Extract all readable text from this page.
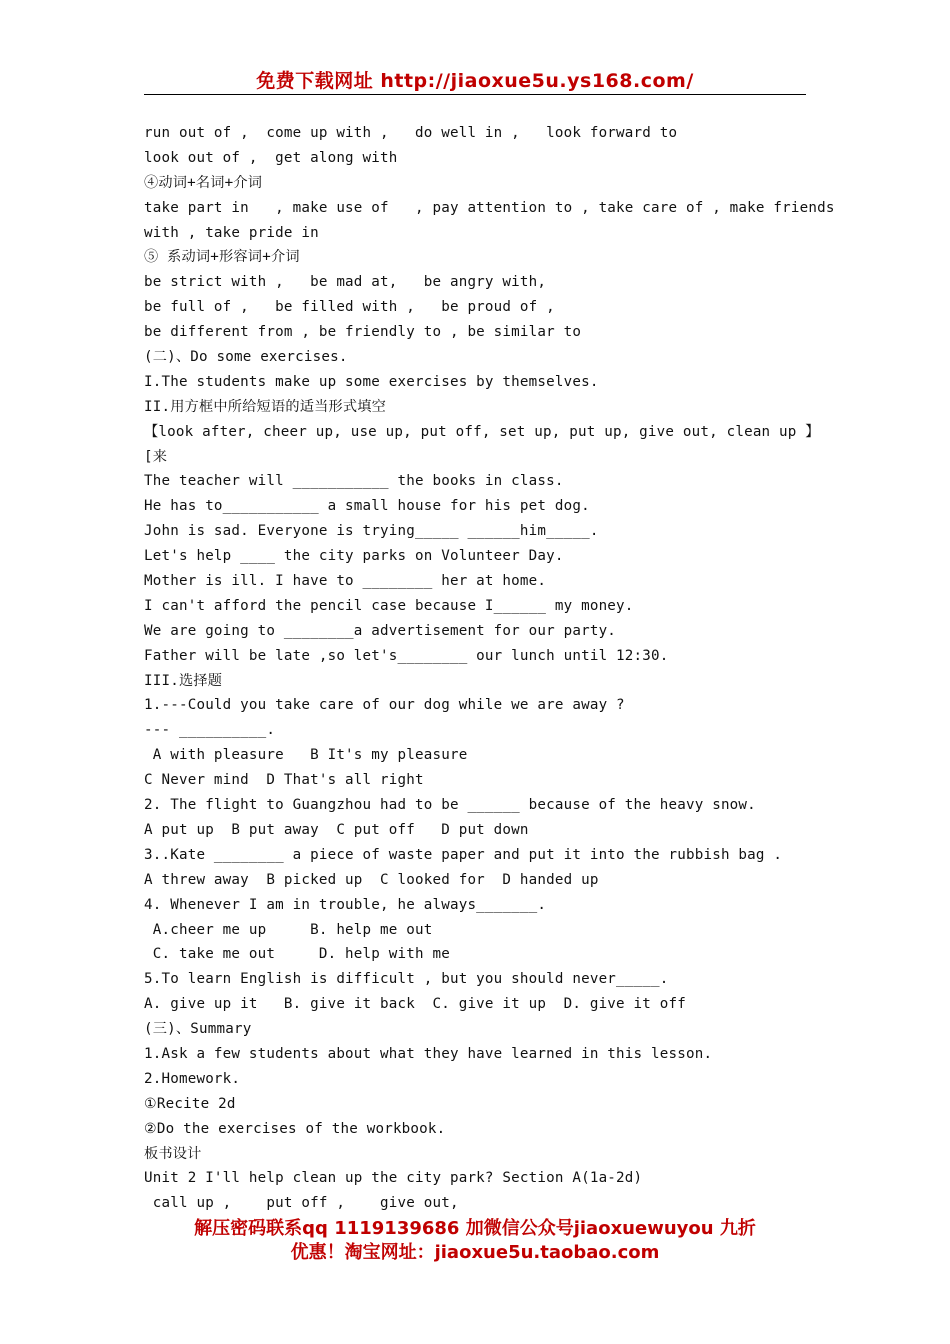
免费下载网址 http://jiaoxue5u.ys168.com/
run out of ,  come up with ,   do well in ,   look forward to
look out of ,  get along with
④动词+名词+介词
take part in   , make use of   , pay attention to , take care of , make friends
with , take pride in
⑤ 系动词+形容词+介词
be strict with ,   be mad at,   be angry with,
be full of ,   be filled with ,   be proud of ,
be different from , be friendly to , be similar to
(二)、Do some exercises.
I.The students make up some exercises by themselves.
II.用方框中所给短语的适当形式填空
【look after, cheer up, use up, put off, set up, put up, give out, clean up 】
[来
The teacher will ___________ the books in class.
He has to___________ a small house for his pet dog.
John is sad. Everyone is trying_____ ______him_____.
Let's help ____ the city parks on Volunteer Day.
Mother is ill. I have to ________ her at home.
I can't afford the pencil case because I______ my money.
We are going to ________a advertisement for our party.
Father will be late ,so let's________ our lunch until 12:30.
III.选择题
1.---Could you take care of our dog while we are away ?
--- __________.
A with pleasure   B It's my pleasure
C Never mind  D That's all right
2. The flight to Guangzhou had to be ______ because of the heavy snow.
A put up  B put away  C put off   D put down
3..Kate ________ a piece of waste paper and put it into the rubbish bag .
A threw away  B picked up  C looked for  D handed up
4. Whenever I am in trouble, he always_______.
A.cheer me up     B. help me out
C. take me out     D. help with me
5.To learn English is difficult , but you should never_____.
A. give up it   B. give it back  C. give it up  D. give it off
(三)、Summary
1.Ask a few students about what they have learned in this lesson.
2.Homework.
①Recite 2d
②Do the exercises of the workbook.
板书设计
Unit 2 I'll help clean up the city park? Section A(1a-2d)
call up ,    put off ,    give out,
解压密码联系qq 1119139686 加微信公众号jiaoxuewuyou 九折
优惠！淘宝网址：jiaoxue5u.taobao.com
